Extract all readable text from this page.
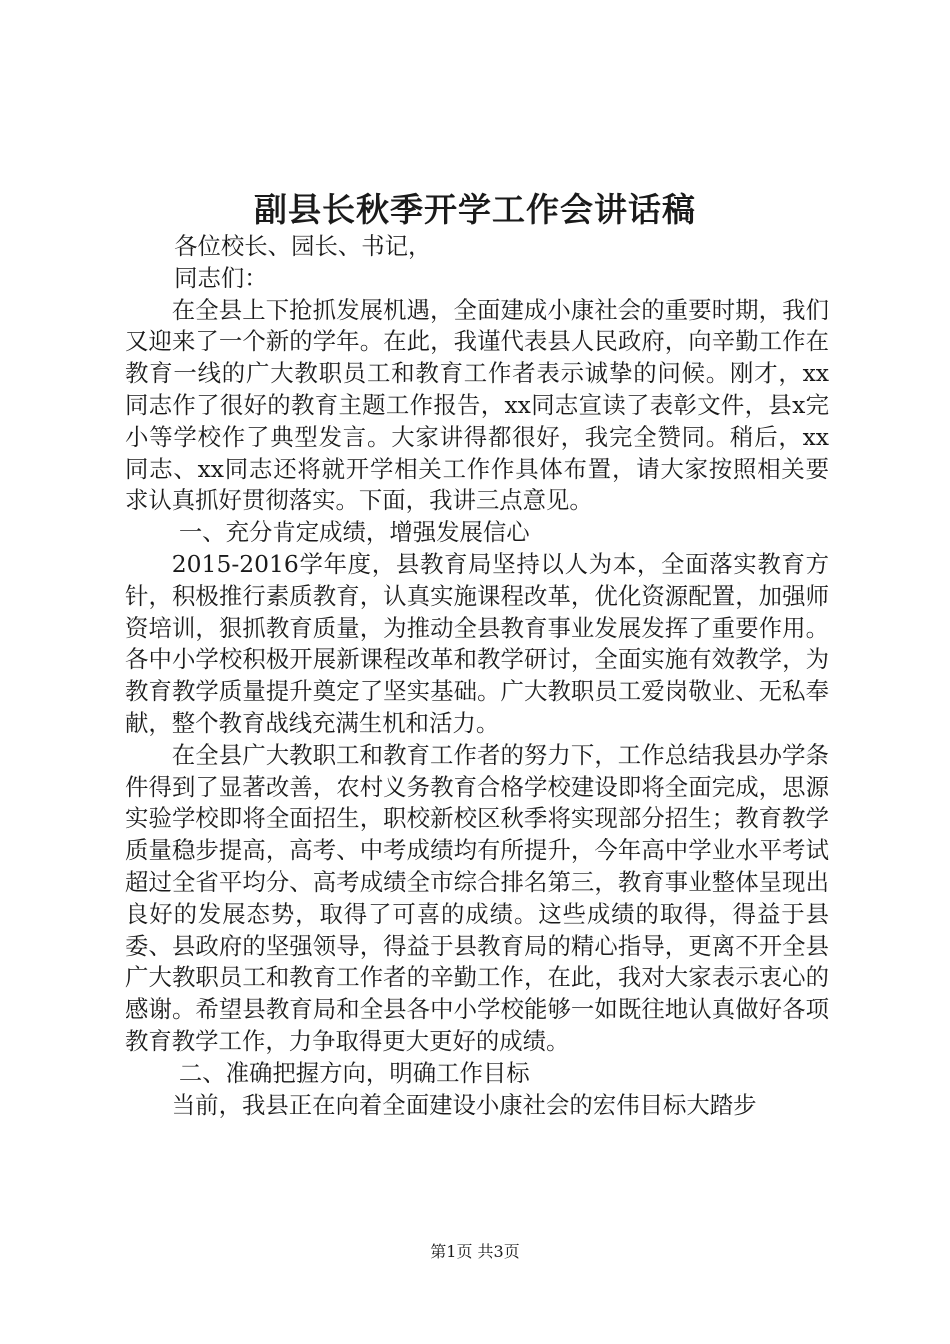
副县长秋季开学工作会讲话稿

各位校长、园长、书记，

同志们：

在全县上下抢抓发展机遇，全面建成小康社会的重要时期，我们又迎来了一个新的学年。在此，我谨代表县人民政府，向辛勤工作在教育一线的广大教职员工和教育工作者表示诚挚的问候。刚才，xx同志作了很好的教育主题工作报告，xx同志宣读了表彰文件，县x完小等学校作了典型发言。大家讲得都很好，我完全赞同。稍后，xx同志、xx同志还将就开学相关工作作具体布置，请大家按照相关要求认真抓好贯彻落实。下面，我讲三点意见。

一、充分肯定成绩，增强发展信心

2015-2016学年度，县教育局坚持以人为本，全面落实教育方针，积极推行素质教育，认真实施课程改革，优化资源配置，加强师资培训，狠抓教育质量，为推动全县教育事业发展发挥了重要作用。各中小学校积极开展新课程改革和教学研讨，全面实施有效教学，为教育教学质量提升奠定了坚实基础。广大教职员工爱岗敬业、无私奉献，整个教育战线充满生机和活力。

在全县广大教职工和教育工作者的努力下，工作总结我县办学条件得到了显著改善，农村义务教育合格学校建设即将全面完成，思源实验学校即将全面招生，职校新校区秋季将实现部分招生；教育教学质量稳步提高，高考、中考成绩均有所提升，今年高中学业水平考试超过全省平均分、高考成绩全市综合排名第三，教育事业整体呈现出良好的发展态势，取得了可喜的成绩。这些成绩的取得，得益于县委、县政府的坚强领导，得益于县教育局的精心指导，更离不开全县广大教职员工和教育工作者的辛勤工作，在此，我对大家表示衷心的感谢。希望县教育局和全县各中小学校能够一如既往地认真做好各项教育教学工作，力争取得更大更好的成绩。

二、准确把握方向，明确工作目标

当前，我县正在向着全面建设小康社会的宏伟目标大踏步

第1页 共3页
